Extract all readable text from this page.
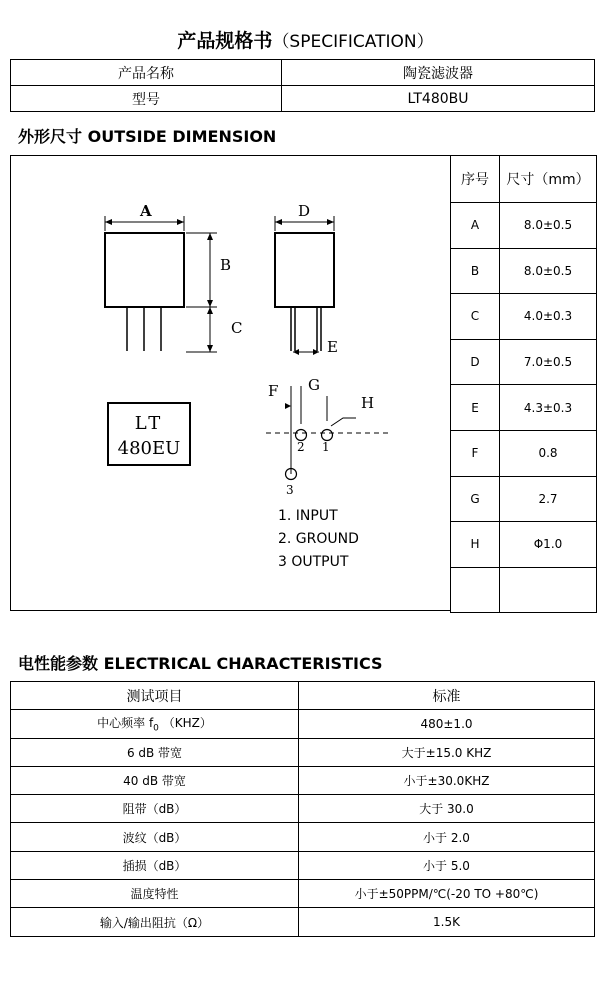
产品规格书（SPECIFICATION）
产品名称	陶瓷滤波器
型号	LT480BU
外形尺寸 OUTSIDE DIMENSION
A
B
C
D
E
LT
480EU
F G
H
2 1
3
1. INPUT
2. GROUND
3 OUTPUT
序号	尺寸（mm）
A	8.0±0.5
B	8.0±0.5
C	4.0±0.3
D	7.0±0.5
E	4.3±0.3
F	0.8
G	2.7
H	Φ1.0

电性能参数 ELECTRICAL CHARACTERISTICS
测试项目	标准
中心频率 $f_0$ （KHZ）	480±1.0
6 dB 带宽	大于±15.0 KHZ
40 dB 带宽	小于±30.0KHZ
阻带（dB）	大于 30.0
波纹（dB）	小于 2.0
插损（dB）	小于 5.0
温度特性	小于±50PPM/℃(-20 TO +80℃)
输入/输出阻抗（Ω）	1.5K
